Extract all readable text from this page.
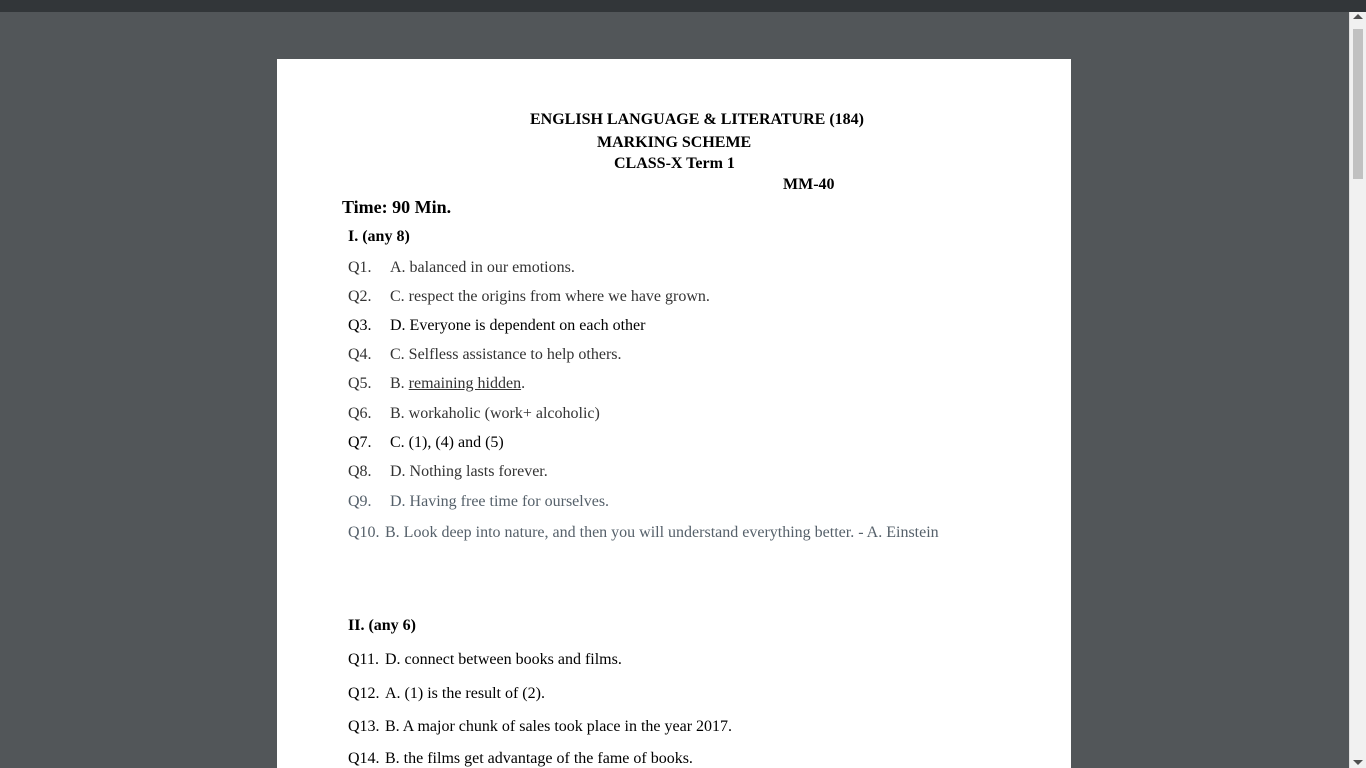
ENGLISH LANGUAGE & LITERATURE (184)
MARKING SCHEME
CLASS-X Term 1
MM-40
Time: 90 Min.
I. (any 8)
Q1. A. balanced in our emotions.
Q2. C. respect the origins from where we have grown.
Q3. D. Everyone is dependent on each other
Q4. C. Selfless assistance to help others.
Q5. B. remaining hidden.
Q6. B. workaholic (work+ alcoholic)
Q7. C. (1), (4) and (5)
Q8. D. Nothing lasts forever.
Q9. D. Having free time for ourselves.
Q10. B. Look deep into nature, and then you will understand everything better. - A. Einstein
II. (any 6)
Q11. D. connect between books and films.
Q12. A. (1) is the result of (2).
Q13. B. A major chunk of sales took place in the year 2017.
Q14. B. the films get advantage of the fame of books.
